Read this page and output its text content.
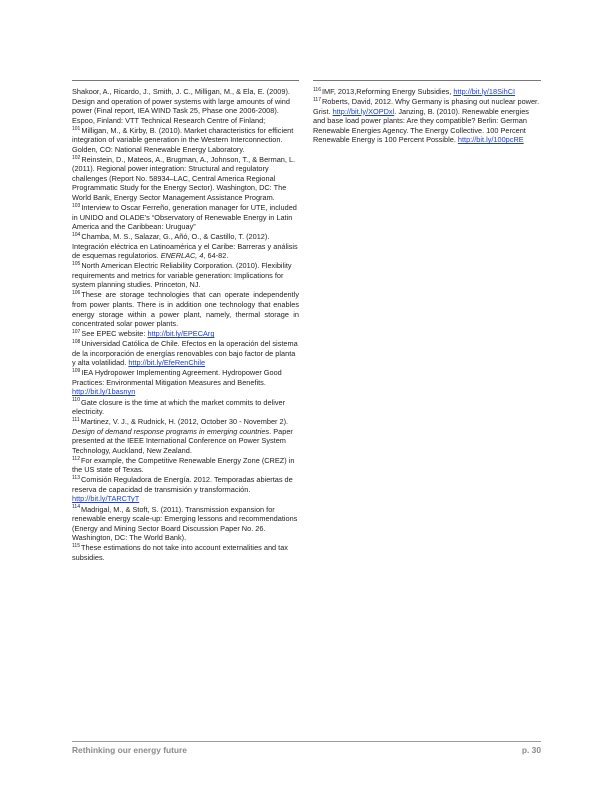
Shakoor, A., Ricardo, J., Smith, J. C., Milligan, M., & Ela, E. (2009). Design and operation of power systems with large amounts of wind power (Final report, IEA WIND Task 25, Phase one 2006-2008). Espoo, Finland: VTT Technical Research Centre of Finland;
$^{101}$Milligan, M., & Kirby, B. (2010). Market characteristics for efficient integration of variable generation in the Western Interconnection. Golden, CO: National Renewable Energy Laboratory.
$^{102}$Reinstein, D., Mateos, A., Brugman, A., Johnson, T., & Berman, L. (2011). Regional power integration: Structural and regulatory challenges (Report No. 58934–LAC, Central America Regional Programmatic Study for the Energy Sector). Washington, DC: The World Bank, Energy Sector Management Assistance Program.
$^{103}$Interview to Oscar Ferreño, generation manager for UTE, included in UNIDO and OLADE’s “Observatory of Renewable Energy in Latin America and the Caribbean: Uruguay”
$^{104}$Chamba, M. S., Salazar, G., Añó, O., & Castillo, T. (2012). Integración eléctrica en Latinoamérica y el Caribe: Barreras y análisis de esquemas regulatorios. ENERLAC, 4, 64-82.
$^{105}$North American Electric Reliability Corporation. (2010). Flexibility requirements and metrics for variable generation: Implications for system planning studies. Princeton, NJ.
$^{106}$These are storage technologies that can operate independently from power plants. There is in addition one technology that enables energy storage within a power plant, namely, thermal storage in concentrated solar power plants.
$^{107}$See EPEC website: http://bit.ly/EPECArg
$^{108}$Universidad Católica de Chile. Efectos en la operación del sistema de la incorporación de energías renovables con bajo factor de planta y alta volatilidad. http://bit.ly/EfeRenChile
$^{109}$IEA Hydropower Implementing Agreement. Hydropower Good Practices: Environmental Mitigation Measures and Benefits. http://bit.ly/1basnyn
$^{110}$Gate closure is the time at which the market commits to deliver electricity.
$^{111}$Martinez, V. J., & Rudnick, H. (2012, October 30 - November 2). Design of demand response programs in emerging countries. Paper presented at the IEEE International Conference on Power System Technology, Auckland, New Zealand.
$^{112}$For example, the Competitive Renewable Energy Zone (CREZ) in the US state of Texas.
$^{113}$Comisión Reguladora de Energía. 2012. Temporadas abiertas de reserva de capacidad de transmisión y transformación. http://bit.ly/TARCTyT
$^{114}$Madrigal, M., & Stoft, S. (2011). Transmission expansion for renewable energy scale-up: Emerging lessons and recommendations (Energy and Mining Sector Board Discussion Paper No. 26. Washington, DC: The World Bank).
$^{115}$These estimations do not take into account externalities and tax subsidies.
$^{116}$IMF, 2013,Reforming Energy Subsidies, http://bit.ly/18SihCI
$^{117}$Roberts, David, 2012. Why Germany is phasing out nuclear power. Grist. http://bit.ly/XOPDxl. Janzing, B. (2010). Renewable energies and base load power plants: Are they compatible? Berlin: German Renewable Energies Agency. The Energy Collective. 100 Percent Renewable Energy is 100 Percent Possible. http://bit.ly/100pcRE
Rethinking our energy future	p. 30
